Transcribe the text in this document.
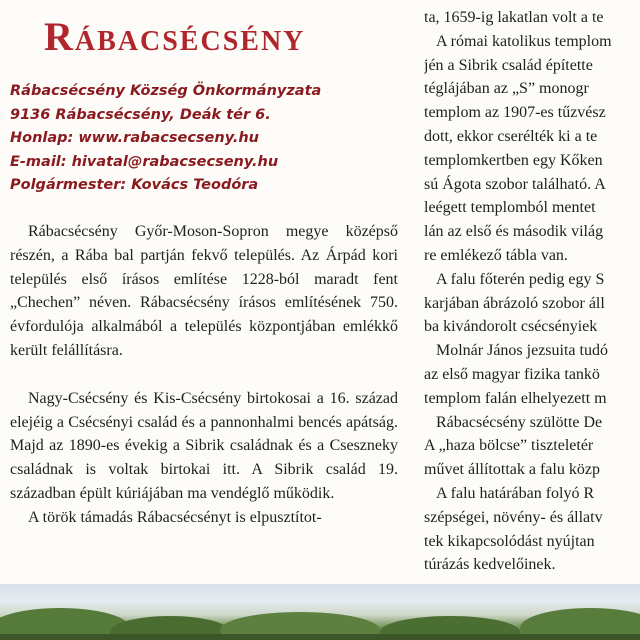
Rábacsécsény
Rábacsécsény Község Önkormányzata
9136 Rábacsécsény, Deák tér 6.
Honlap: www.rabacsecseny.hu
E-mail: hivatal@rabacsecseny.hu
Polgármester: Kovács Teodóra

Rábacsécsény Győr-Moson-Sopron megye középső részén, a Rába bal partján fekvő település. Az Árpád kori település első írásos említése 1228-ból maradt fent „Chechen” néven. Rábacsécsény írásos említésének 750. évfordulója alkalmából a település központjában emlékkő került felállításra.

Nagy-Csécsény és Kis-Csécsény birtokosai a 16. század elejéig a Csécsényi család és a pannonhalmi bencés apátság. Majd az 1890-es évekig a Sibrik családnak és a Cseszneky családnak is voltak birtokai itt. A Sibrik család 19. században épült kúriájában ma vendéglő működik.

A török támadás Rábacsécsényt is elpusztítot-

ta, 1659-ig lakatlan volt a te
A római katolikus templom
jén a Sibrik család építette
téglájában az „S” monogr
templom az 1907-es tűzvész
dott, ekkor cserélték ki a te
templomkertben egy Kőken
sú Ágota szobor található. A
leégett templomból mentet
lán az első és második világ
re emlékező tábla van.
A falu főterén pedig egy S
karjában ábrázoló szobor áll
ba kivándorolt csécsényiek
Molnár János jezsuita tudó
az első magyar fizika tankö
templom falán elhelyezett m
Rábacsécsény szülötte De
A „haza bölcse” tiszteletér
művet állítottak a falu közp
A falu határában folyó R
szépségei, növény- és állatv
tek kikapcsolódást nyújtan
túrázás kedvelőinek.
